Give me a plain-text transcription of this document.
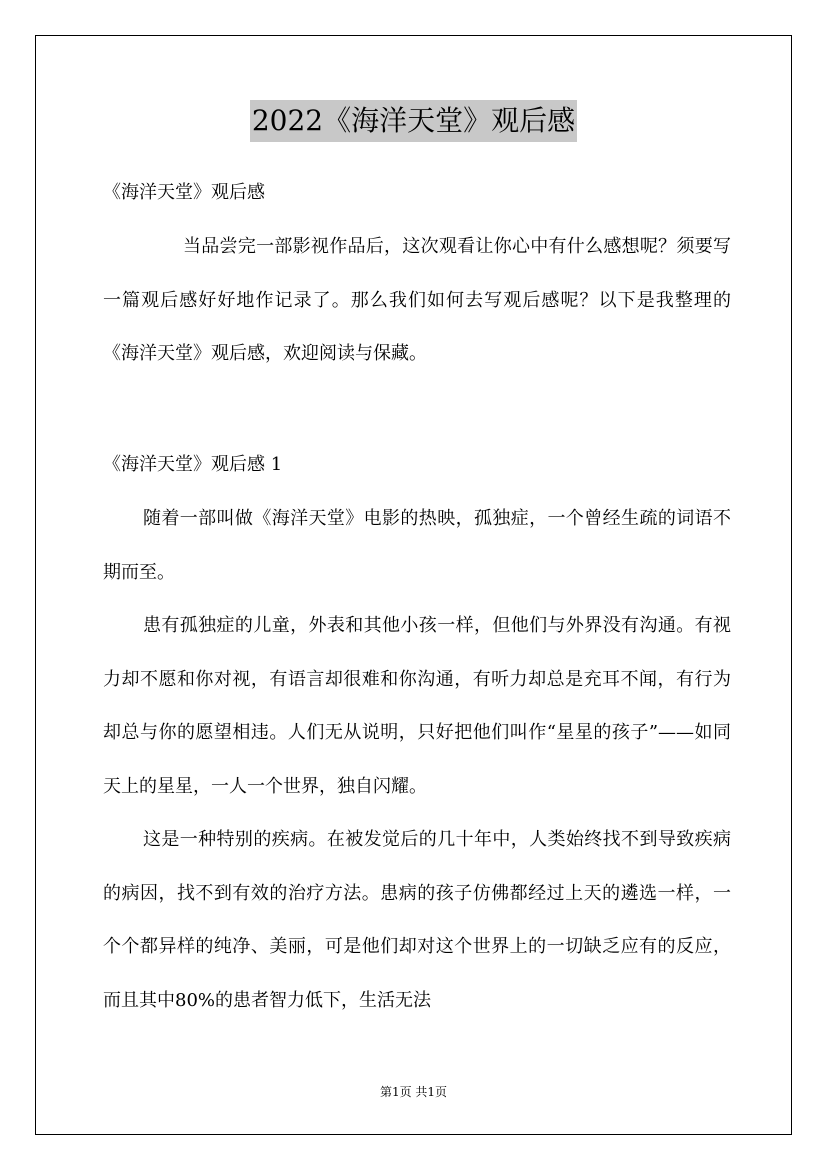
2022《海洋天堂》观后感

《海洋天堂》观后感

当品尝完一部影视作品后，这次观看让你心中有什么感想呢？须要写一篇观后感好好地作记录了。那么我们如何去写观后感呢？以下是我整理的《海洋天堂》观后感，欢迎阅读与保藏。

《海洋天堂》观后感 1

随着一部叫做《海洋天堂》电影的热映，孤独症，一个曾经生疏的词语不期而至。

患有孤独症的儿童，外表和其他小孩一样，但他们与外界没有沟通。有视力却不愿和你对视，有语言却很难和你沟通，有听力却总是充耳不闻，有行为却总与你的愿望相违。人们无从说明，只好把他们叫作“星星的孩子”——如同天上的星星，一人一个世界，独自闪耀。

这是一种特别的疾病。在被发觉后的几十年中，人类始终找不到导致疾病的病因，找不到有效的治疗方法。患病的孩子仿佛都经过上天的遴选一样，一个个都异样的纯净、美丽，可是他们却对这个世界上的一切缺乏应有的反应，而且其中80%的患者智力低下，生活无法

第1页 共1页
